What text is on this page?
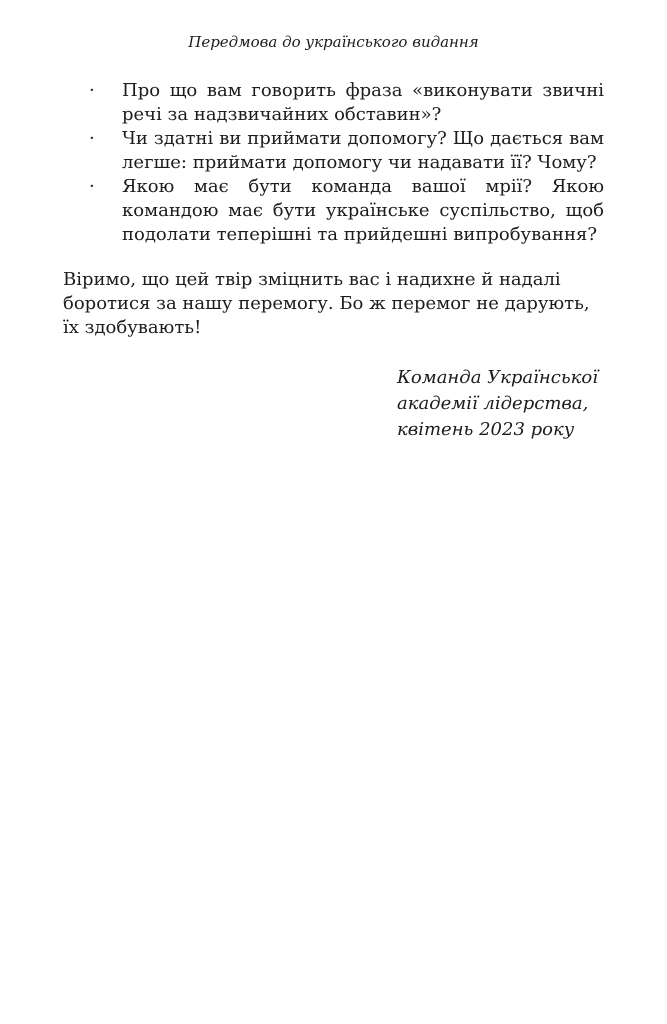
Передмова до українського видання
· Про що вам говорить фраза «виконувати звичні речі за надзвичайних обставин»?
· Чи здатні ви приймати допомогу? Що дається вам легше: приймати допомогу чи надавати її? Чому?
· Якою має бути команда вашої мрії? Якою командою має бути українське суспільство, щоб подолати теперішні та прийдешні випробування?

Віримо, що цей твір зміцнить вас і надихне й надалі боротися за нашу перемогу. Бо ж перемог не дарують, їх здобувають!

Команда Української
академії лідерства,
квітень 2023 року
